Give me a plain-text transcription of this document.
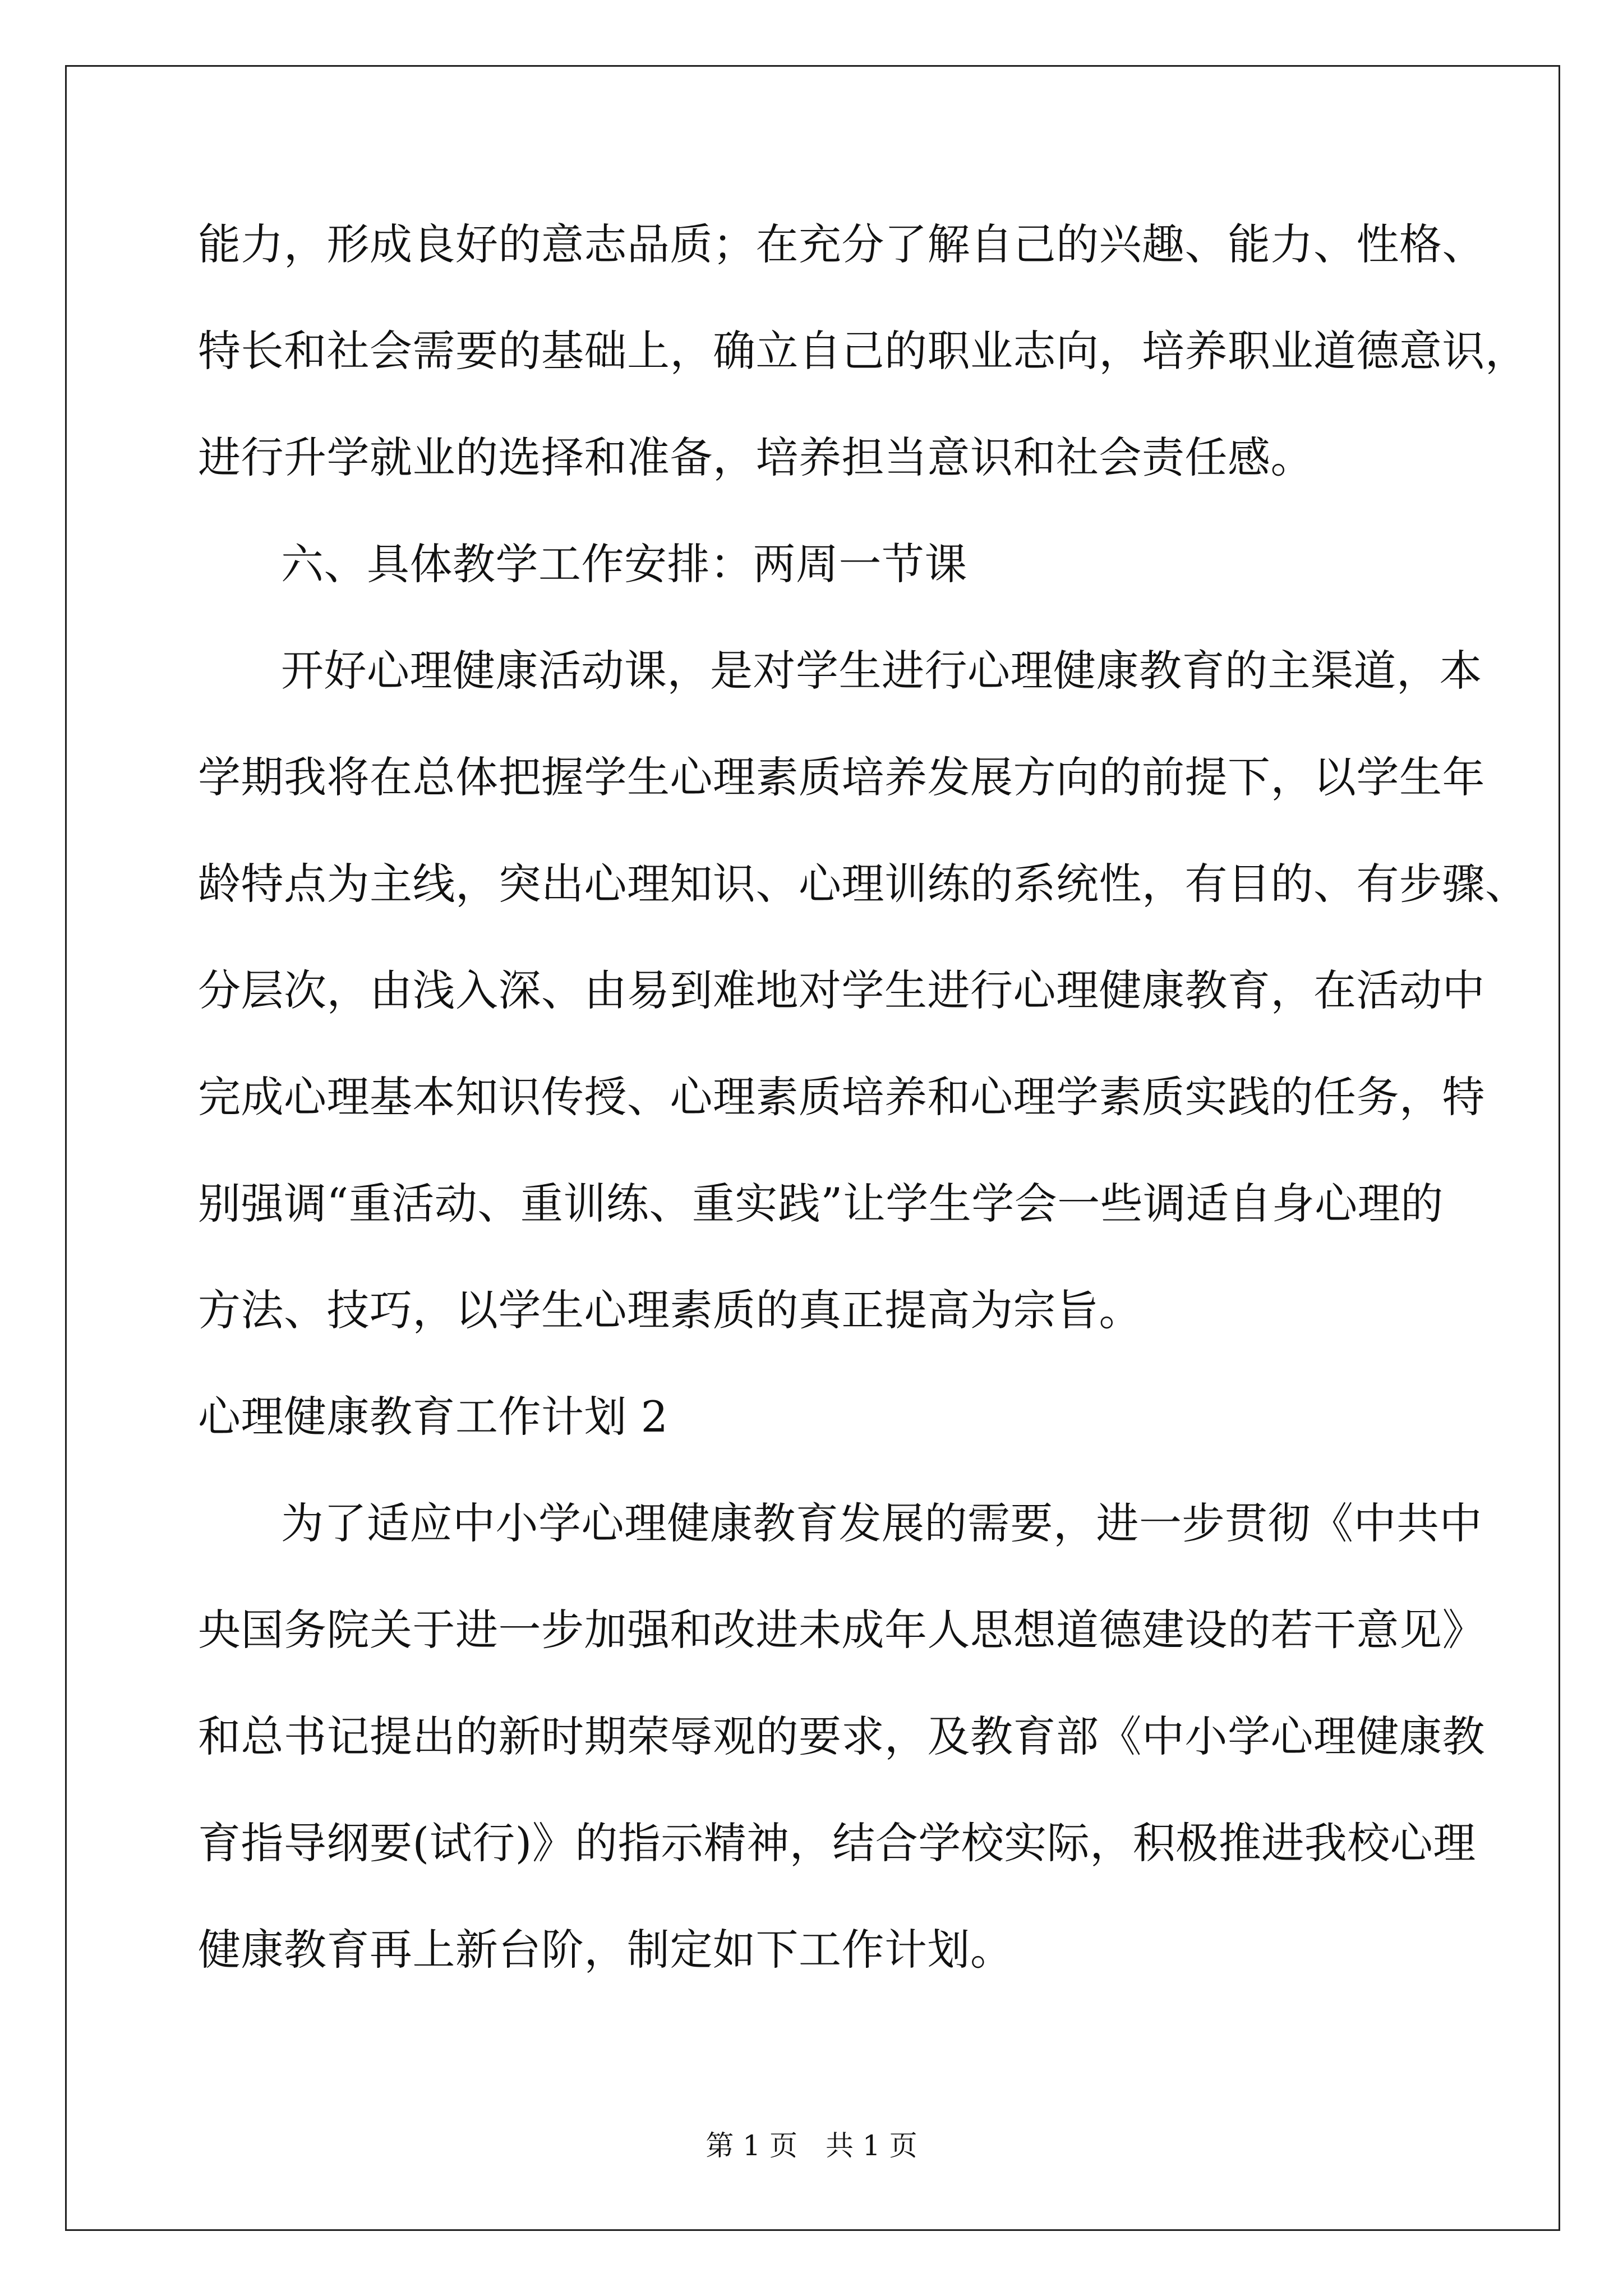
能力，形成良好的意志品质；在充分了解自己的兴趣、能力、性格、
特长和社会需要的基础上，确立自己的职业志向，培养职业道德意识，
进行升学就业的选择和准备，培养担当意识和社会责任感。
六、具体教学工作安排：两周一节课
开好心理健康活动课，是对学生进行心理健康教育的主渠道，本
学期我将在总体把握学生心理素质培养发展方向的前提下，以学生年
龄特点为主线，突出心理知识、心理训练的系统性，有目的、有步骤、
分层次，由浅入深、由易到难地对学生进行心理健康教育，在活动中
完成心理基本知识传授、心理素质培养和心理学素质实践的任务，特
别强调“重活动、重训练、重实践”让学生学会一些调适自身心理的
方法、技巧，以学生心理素质的真正提高为宗旨。
心理健康教育工作计划 2
为了适应中小学心理健康教育发展的需要，进一步贯彻《中共中
央国务院关于进一步加强和改进未成年人思想道德建设的若干意见》
和总书记提出的新时期荣辱观的要求，及教育部《中小学心理健康教
育指导纲要(试行)》的指示精神，结合学校实际，积极推进我校心理
健康教育再上新台阶，制定如下工作计划。
第 1 页　共 1 页
